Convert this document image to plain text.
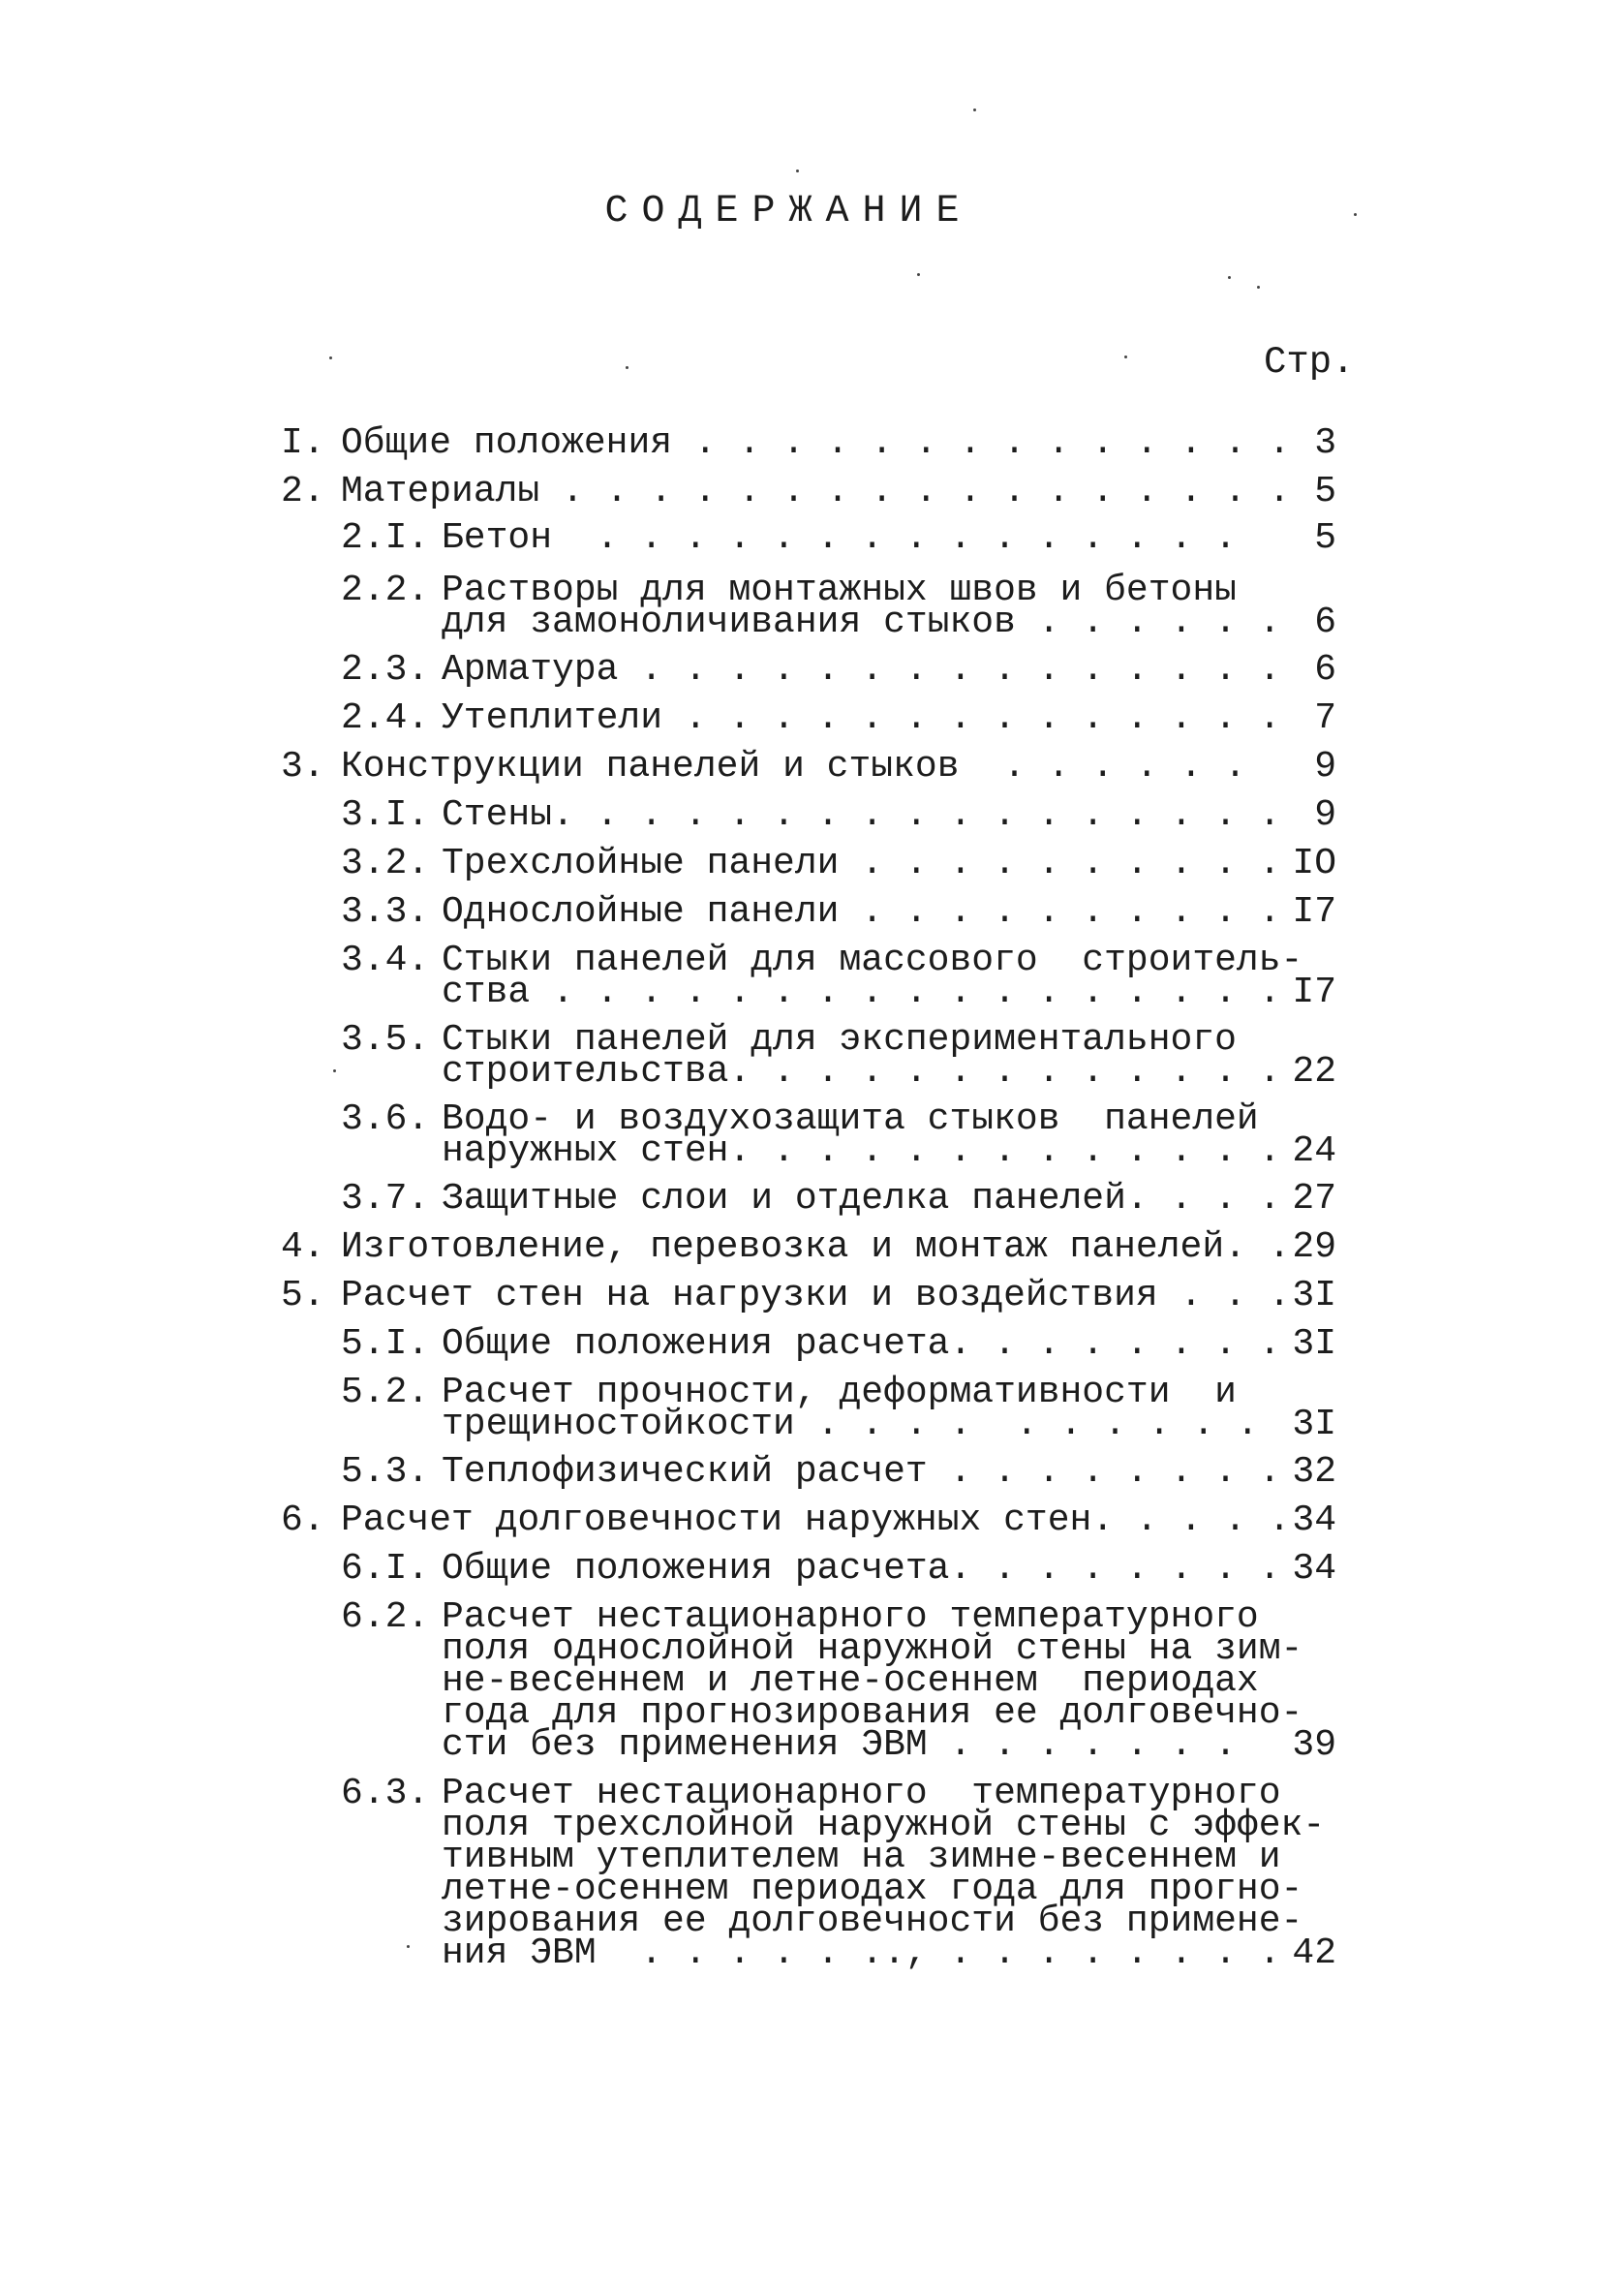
СОДЕРЖАНИЕ
Стр.
I. Общие положения . . . . . . . . . . . . . . 3
2. Материалы . . . . . . . . . . . . . . . . . 5
2.I. Бетон  . . . . . . . . . . . . . . .	5
2.2. Растворы для монтажных швов и бетоны
для замоноличивания стыков . . . . . . 6
2.3. Арматура . . . . . . . . . . . . . . . 6
2.4. Утеплители . . . . . . . . . . . . . . 7
3. Конструкции панелей и стыков  . . . . . .	9
3.I. Стены. . . . . . . . . . . . . . . . . 9
3.2. Трехслойные панели . . . . . . . . . . IO
3.3. Однослойные панели . . . . . . . . . . I7
3.4. Стыки панелей для массового  строитель-
ства . . . . . . . . . . . . . . . . . I7
3.5. Стыки панелей для экспериментального
строительства. . . . . . . . . . . . . 22
3.6. Водо- и воздухозащита стыков  панелей
наружных стен. . . . . . . . . . . . . 24
3.7. Защитные слои и отделка панелей. . . . 27
4. Изготовление, перевозка и монтаж панелей. . 29
5. Расчет стен на нагрузки и воздействия . . . 3I
5.I. Общие положения расчета. . . . . . . . 3I
5.2. Расчет прочности, деформативности  и
трещиностойкости . . . .  . . . . . . 3I
5.3. Теплофизический расчет . . . . . . . . 32
6. Расчет долговечности наружных стен. . . . . 34
6.I. Общие положения расчета. . . . . . . . 34
6.2. Расчет нестационарного температурного
поля однослойной наружной стены на зим-
не-весеннем и летне-осеннем  периодах
года для прогнозирования ее долговечно-
сти без применения ЭВМ . . . . . . .	39
6.3. Расчет нестационарного  температурного
поля трехслойной наружной стены с эффек-
тивным утеплителем на зимне-весеннем и
летне-осеннем периодах года для прогно-
зирования ее долговечности без примене-
ния ЭВМ  . . . . . .., . . . . . . . . 42
